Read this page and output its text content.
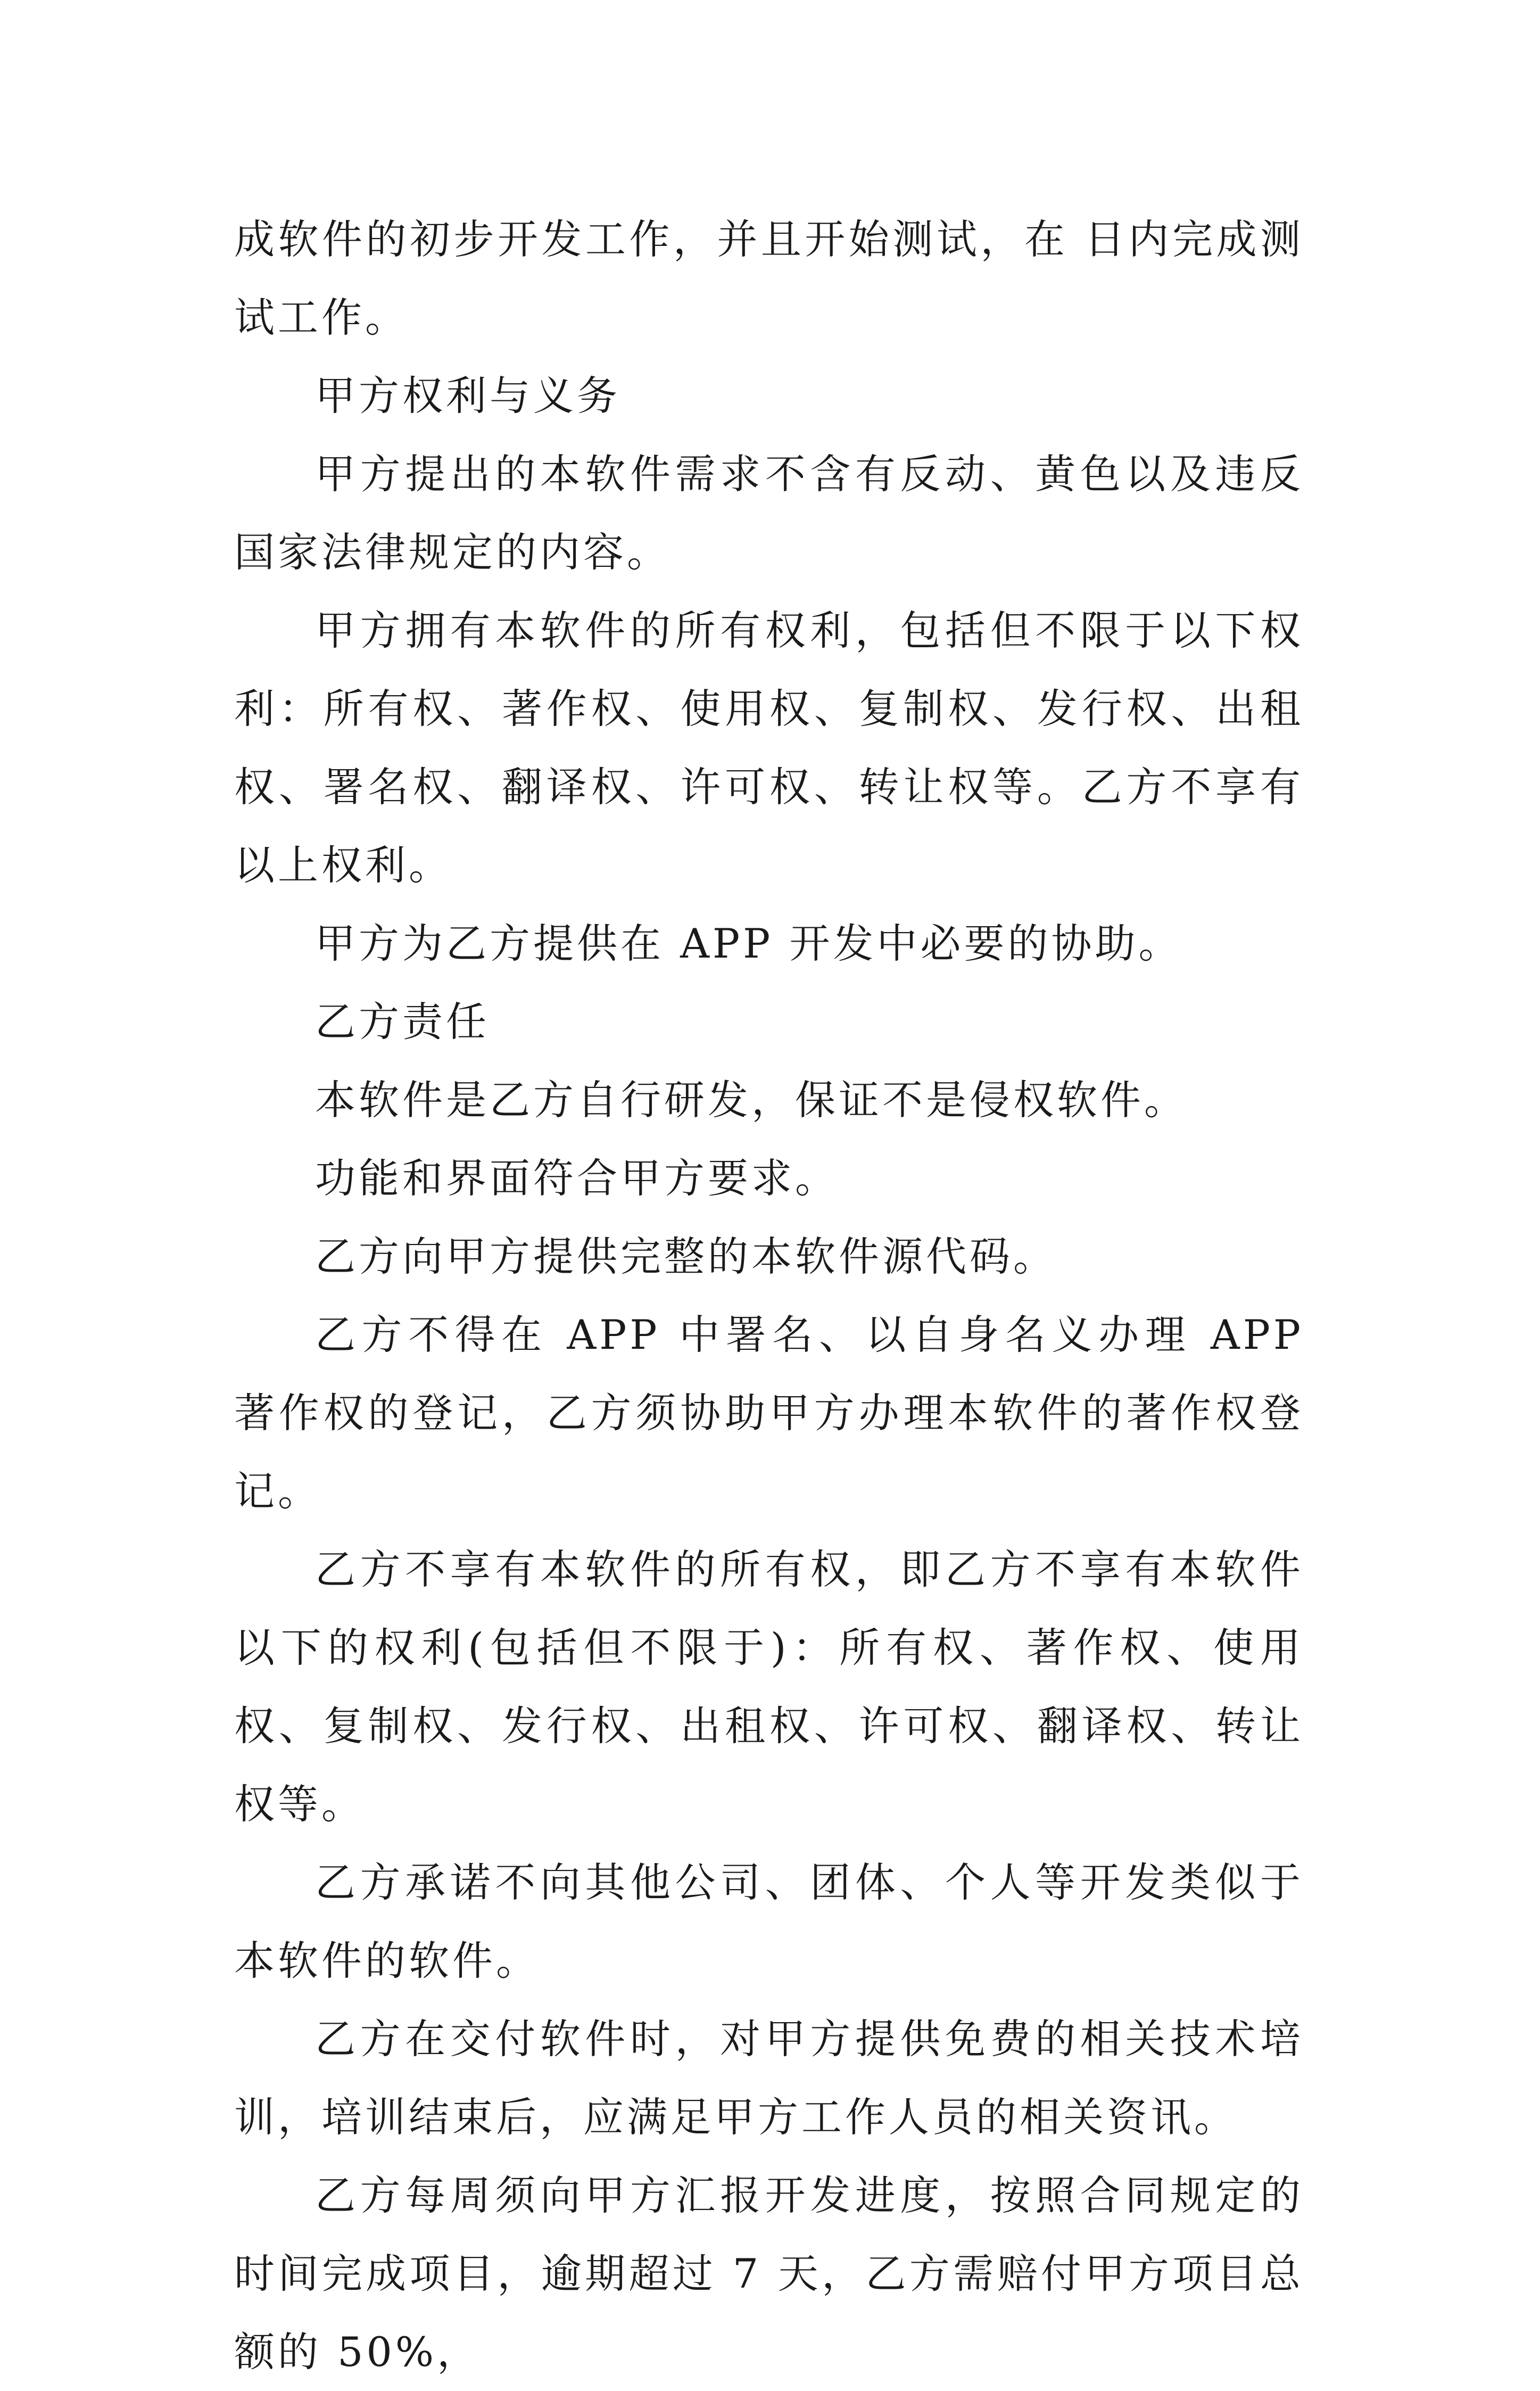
成软件的初步开发工作，并且开始测试，在 日内完成测试工作。

甲方权利与义务

甲方提出的本软件需求不含有反动、黄色以及违反国家法律规定的内容。

甲方拥有本软件的所有权利，包括但不限于以下权利：所有权、著作权、使用权、复制权、发行权、出租权、署名权、翻译权、许可权、转让权等。乙方不享有以上权利。

甲方为乙方提供在 APP 开发中必要的协助。

乙方责任

本软件是乙方自行研发，保证不是侵权软件。

功能和界面符合甲方要求。

乙方向甲方提供完整的本软件源代码。

乙方不得在 APP 中署名、以自身名义办理 APP 著作权的登记，乙方须协助甲方办理本软件的著作权登记。

乙方不享有本软件的所有权，即乙方不享有本软件以下的权利(包括但不限于)：所有权、著作权、使用权、复制权、发行权、出租权、许可权、翻译权、转让权等。

乙方承诺不向其他公司、团体、个人等开发类似于本软件的软件。

乙方在交付软件时，对甲方提供免费的相关技术培训，培训结束后，应满足甲方工作人员的相关资讯。

乙方每周须向甲方汇报开发进度，按照合同规定的时间完成项目，逾期超过 7 天，乙方需赔付甲方项目总额的 50%，
